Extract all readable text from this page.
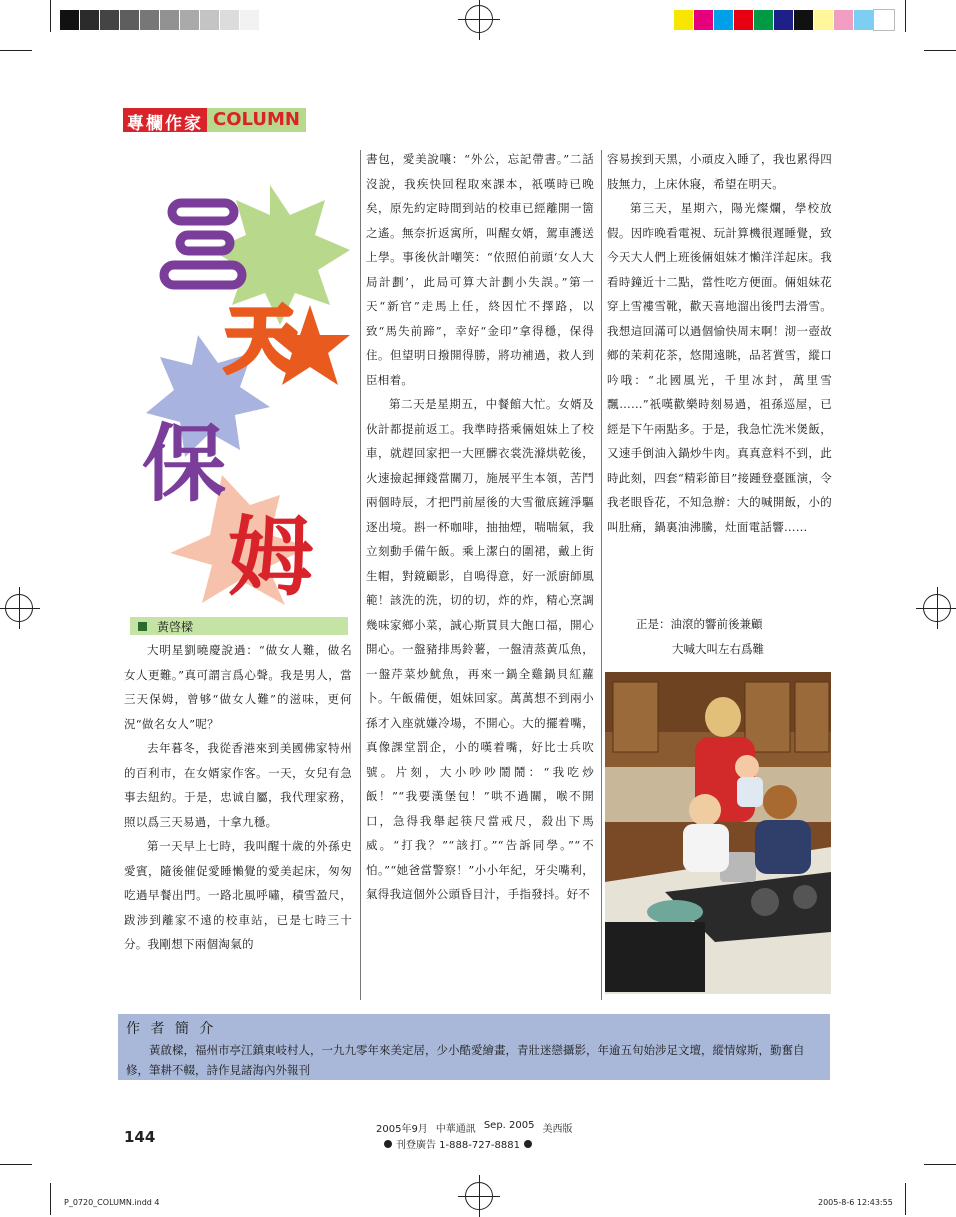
專欄作家 COLUMN
天
保
姆
黃啓樑

大明星劉曉慶說過：“做女人難，做名女人更難。”真可謂言爲心聲。我是男人，當三天保姆，曾够“做女人難”的滋味，更何況“做名女人”呢？

去年暮冬，我從香港來到美國佛家特州的百利市，在女婿家作客。一天，女兒有急事去紐約。于是，忠诚自屬，我代理家務，照以爲三天易過，十拿九穩。

第一天早上七時，我叫醒十歲的外孫史愛賓，隨後催促愛睡懶覺的愛美起床，匆匆吃過早餐出門。一路北風呼嘯，積雪盈尺，跋涉到離家不遠的校車站，已是七時三十分。我剛想下兩個淘氣的

書包，愛美說嚷：“外公，忘記帶書。”二話沒說，我疾快回程取來課本，祇嘆時已晚矣，原先約定時間到站的校車已經離開一箇之遙。無奈折返寓所，叫醒女婿，駕車護送上學。事後伙計嘲笑：“依照伯前頭‘女人大局計劃’，此局可算大計劃小失誤。”第一天“新官”走馬上任，終因忙不擇路，以致“馬失前蹄”，幸好“金印”拿得穩，保得住。但望明日撥開得勝，將功補過，救人到臣相着。

第二天是星期五，中餐館大忙。女婿及伙計都提前返工。我準時搭乘倆姐妹上了校車，就趕回家把一大匣髒衣裳洗滌烘乾後，火速撿起揮錢當關刀，施展平生本領，苦鬥兩個時辰，才把門前屋後的大雪徹底鏟淨驅逐出境。斟一杯咖啡，抽抽煙，喘喘氣，我立刻動手備午飯。乘上潔白的圍裙，戴上街生帽，對鏡顧影，自鳴得意，好一派廚師風範！該洗的洗，切的切，炸的炸，精心烹調幾味家鄉小菜，誠心斯買貝大飽口福，開心開心。一盤豬排馬鈴薯，一盤清蒸黃瓜魚，一盤芹菜炒魷魚，再來一鍋全雞鍋貝紅蘿卜。午飯備便，姐妹回家。萬萬想不到兩小孫才入座就嫌冷場，不開心。大的擺着嘴，真像課堂罰企，小的嘆着嘴，好比士兵吹號。片刻，大小吵吵鬧鬧：“我吃炒飯！”“我要漢堡包！”哄不過關，喉不開口，急得我舉起筷尺當戒尺，殺出下馬威。“打我？”“該打。”“告訴同學。”“不怕。”“她爸當警察！”小小年紀，牙尖嘴利，氣得我這個外公頭昏目汁，手指發抖。好不

容易挨到天黑，小頑皮入睡了，我也累得四肢無力，上床休寢，希望在明天。

第三天，星期六，陽光燦爛，學校放假。因昨晚看電視、玩計算機很遲睡覺，致今天大人們上班後倆姐妹才懶洋洋起床。我看時鐘近十二點，當性吃方便面。倆姐妹花穿上雪褸雪靴，歡天喜地溜出後門去滑雪。我想這回滿可以過個愉快周末啊！沏一壺故鄉的茉莉花茶，悠閒遠眺，品茗賞雪，縱口吟哦：“北國風光，千里冰封，萬里雪飄……”祇嘆歡樂時刻易過，祖孫巡屋，已經是下午兩點多。于是，我急忙洗米煲飯，又速手倒油入鍋炒牛肉。真真意料不到，此時此刻，四套“精彩節目”接踵登臺匯演，令我老眼昏花，不知急辦：大的喊開飯，小的叫肚痛，鍋裏油沸騰，灶面電話響……

正是：油滾的響前後兼顧
大喊大叫左右爲難
作 者 簡 介
黃啟樑，福州市亭江鎮東岐村人，一九九零年來美定居，少小酷愛繪畫，青壯迷戀攝影，年逾五旬始涉足文壇，縱情嫁斯，勤奮自修，筆耕不輟，詩作見諸海內外報刊
144	2005年9月 中華通訊 Sep. 2005 美西版
刊登廣告 1-888-727-8881
P_0720_COLUMN.indd 4	2005-8-6 12:43:55
